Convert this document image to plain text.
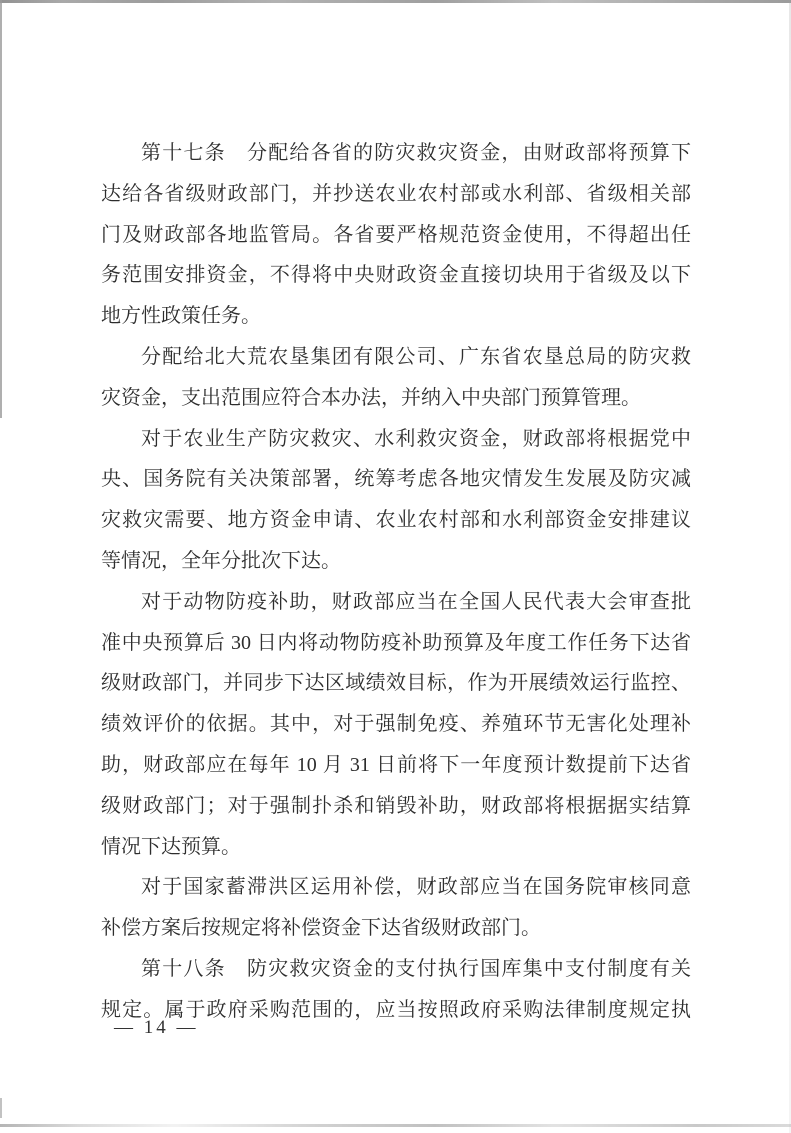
第十七条　分配给各省的防灾救灾资金，由财政部将预算下
达给各省级财政部门，并抄送农业农村部或水利部、省级相关部
门及财政部各地监管局。各省要严格规范资金使用，不得超出任
务范围安排资金，不得将中央财政资金直接切块用于省级及以下
地方性政策任务。
分配给北大荒农垦集团有限公司、广东省农垦总局的防灾救
灾资金，支出范围应符合本办法，并纳入中央部门预算管理。
对于农业生产防灾救灾、水利救灾资金，财政部将根据党中
央、国务院有关决策部署，统筹考虑各地灾情发生发展及防灾减
灾救灾需要、地方资金申请、农业农村部和水利部资金安排建议
等情况，全年分批次下达。
对于动物防疫补助，财政部应当在全国人民代表大会审查批
准中央预算后 30 日内将动物防疫补助预算及年度工作任务下达省
级财政部门，并同步下达区域绩效目标，作为开展绩效运行监控、
绩效评价的依据。其中，对于强制免疫、养殖环节无害化处理补
助，财政部应在每年 10 月 31 日前将下一年度预计数提前下达省
级财政部门；对于强制扑杀和销毁补助，财政部将根据据实结算
情况下达预算。
对于国家蓄滞洪区运用补偿，财政部应当在国务院审核同意
补偿方案后按规定将补偿资金下达省级财政部门。
第十八条　防灾救灾资金的支付执行国库集中支付制度有关
规定。属于政府采购范围的，应当按照政府采购法律制度规定执
— 14 —
